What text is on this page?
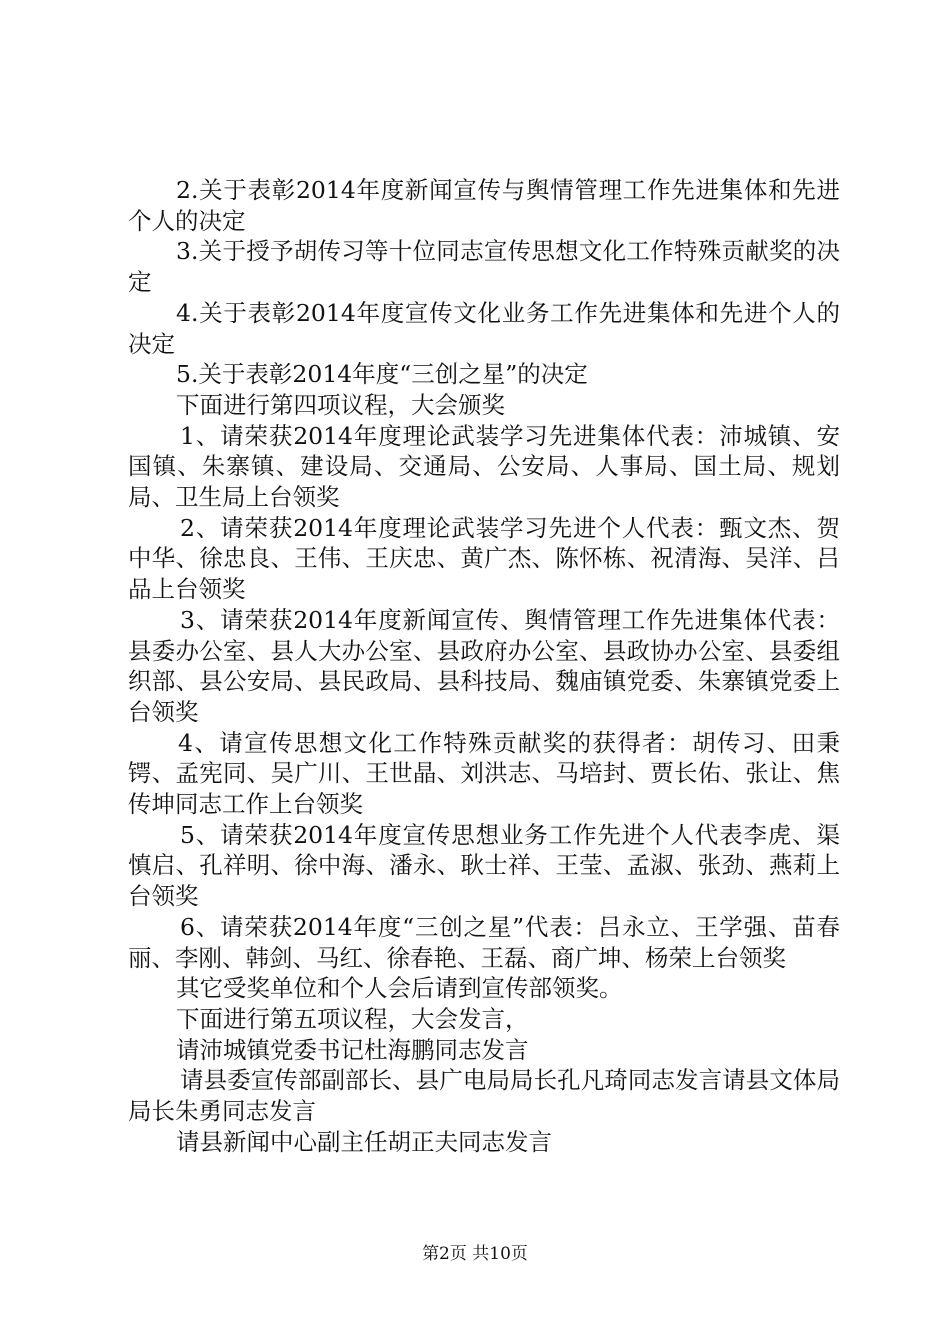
2.关于表彰2014年度新闻宣传与舆情管理工作先进集体和先进个人的决定

3.关于授予胡传习等十位同志宣传思想文化工作特殊贡献奖的决定

4.关于表彰2014年度宣传文化业务工作先进集体和先进个人的决定

5.关于表彰2014年度“三创之星”的决定

下面进行第四项议程，大会颁奖

1、请荣获2014年度理论武装学习先进集体代表：沛城镇、安国镇、朱寨镇、建设局、交通局、公安局、人事局、国土局、规划局、卫生局上台领奖

2、请荣获2014年度理论武装学习先进个人代表：甄文杰、贺中华、徐忠良、王伟、王庆忠、黄广杰、陈怀栋、祝清海、吴洋、吕品上台领奖

3、请荣获2014年度新闻宣传、舆情管理工作先进集体代表：县委办公室、县人大办公室、县政府办公室、县政协办公室、县委组织部、县公安局、县民政局、县科技局、魏庙镇党委、朱寨镇党委上台领奖

4、请宣传思想文化工作特殊贡献奖的获得者：胡传习、田秉锷、孟宪同、吴广川、王世晶、刘洪志、马培封、贾长佑、张让、焦传坤同志工作上台领奖

5、请荣获2014年度宣传思想业务工作先进个人代表李虎、渠慎启、孔祥明、徐中海、潘永、耿士祥、王莹、孟淑、张劲、燕莉上台领奖

6、请荣获2014年度“三创之星”代表：吕永立、王学强、苗春丽、李刚、韩剑、马红、徐春艳、王磊、商广坤、杨荣上台领奖

其它受奖单位和个人会后请到宣传部领奖。

下面进行第五项议程，大会发言，

请沛城镇党委书记杜海鹏同志发言

请县委宣传部副部长、县广电局局长孔凡琦同志发言请县文体局局长朱勇同志发言

请县新闻中心副主任胡正夫同志发言

第2页 共10页
